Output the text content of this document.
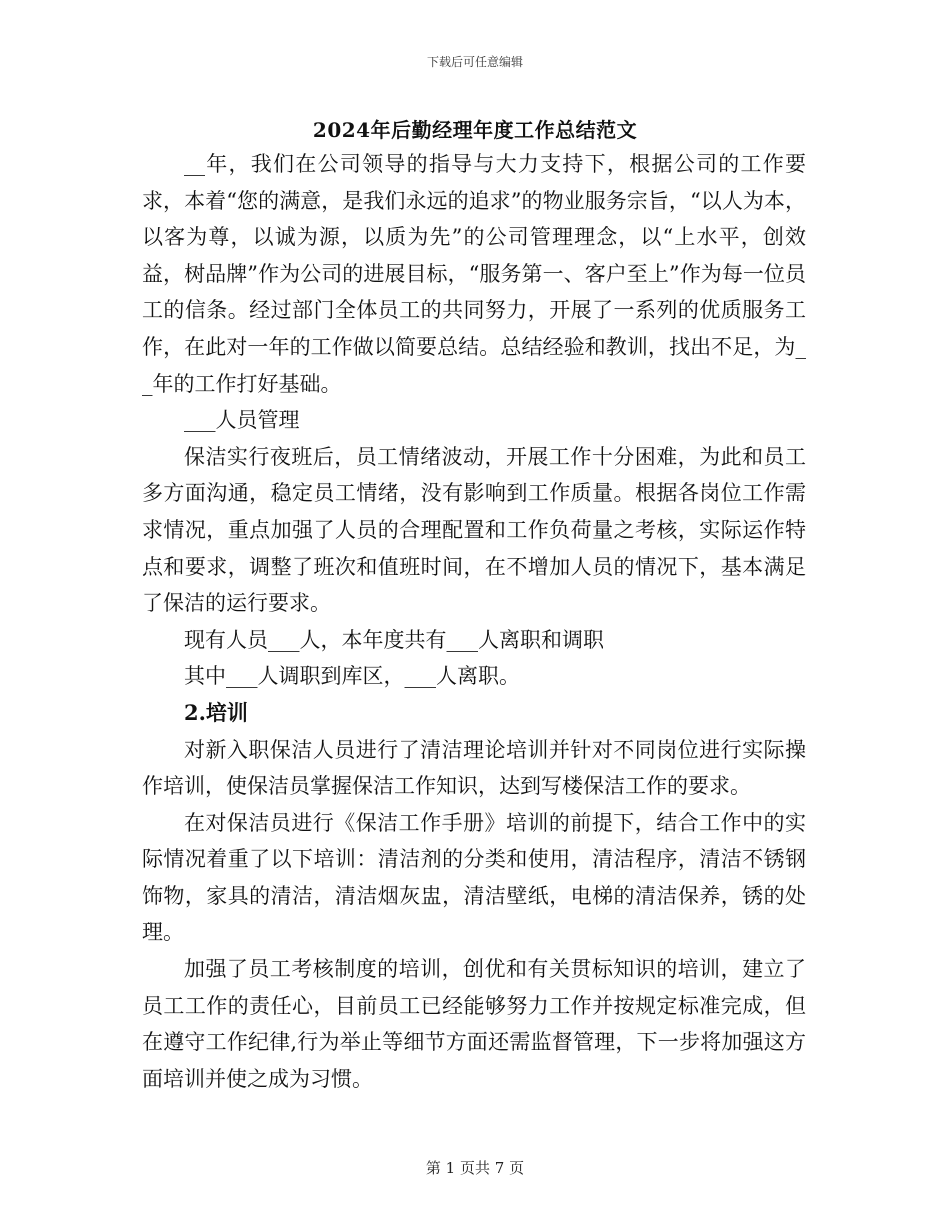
下载后可任意编辑
2024年后勤经理年度工作总结范文

__年，我们在公司领导的指导与大力支持下，根据公司的工作要求，本着“您的满意，是我们永远的追求”的物业服务宗旨，“以人为本，以客为尊，以诚为源，以质为先”的公司管理理念，以“上水平，创效益，树品牌”作为公司的进展目标，“服务第一、客户至上”作为每一位员工的信条。经过部门全体员工的共同努力，开展了一系列的优质服务工作，在此对一年的工作做以简要总结。总结经验和教训，找出不足，为__年的工作打好基础。

___人员管理

保洁实行夜班后，员工情绪波动，开展工作十分困难，为此和员工多方面沟通，稳定员工情绪，没有影响到工作质量。根据各岗位工作需求情况，重点加强了人员的合理配置和工作负荷量之考核，实际运作特点和要求，调整了班次和值班时间，在不增加人员的情况下，基本满足了保洁的运行要求。

现有人员___人，本年度共有___人离职和调职

其中___人调职到库区，___人离职。

2.培训

对新入职保洁人员进行了清洁理论培训并针对不同岗位进行实际操作培训，使保洁员掌握保洁工作知识，达到写楼保洁工作的要求。

在对保洁员进行《保洁工作手册》培训的前提下，结合工作中的实际情况着重了以下培训：清洁剂的分类和使用，清洁程序，清洁不锈钢饰物，家具的清洁，清洁烟灰盅，清洁壁纸，电梯的清洁保养，锈的处理。

加强了员工考核制度的培训，创优和有关贯标知识的培训，建立了员工工作的责任心，目前员工已经能够努力工作并按规定标准完成，但在遵守工作纪律,行为举止等细节方面还需监督管理，下一步将加强这方面培训并使之成为习惯。

第 1 页共 7 页
